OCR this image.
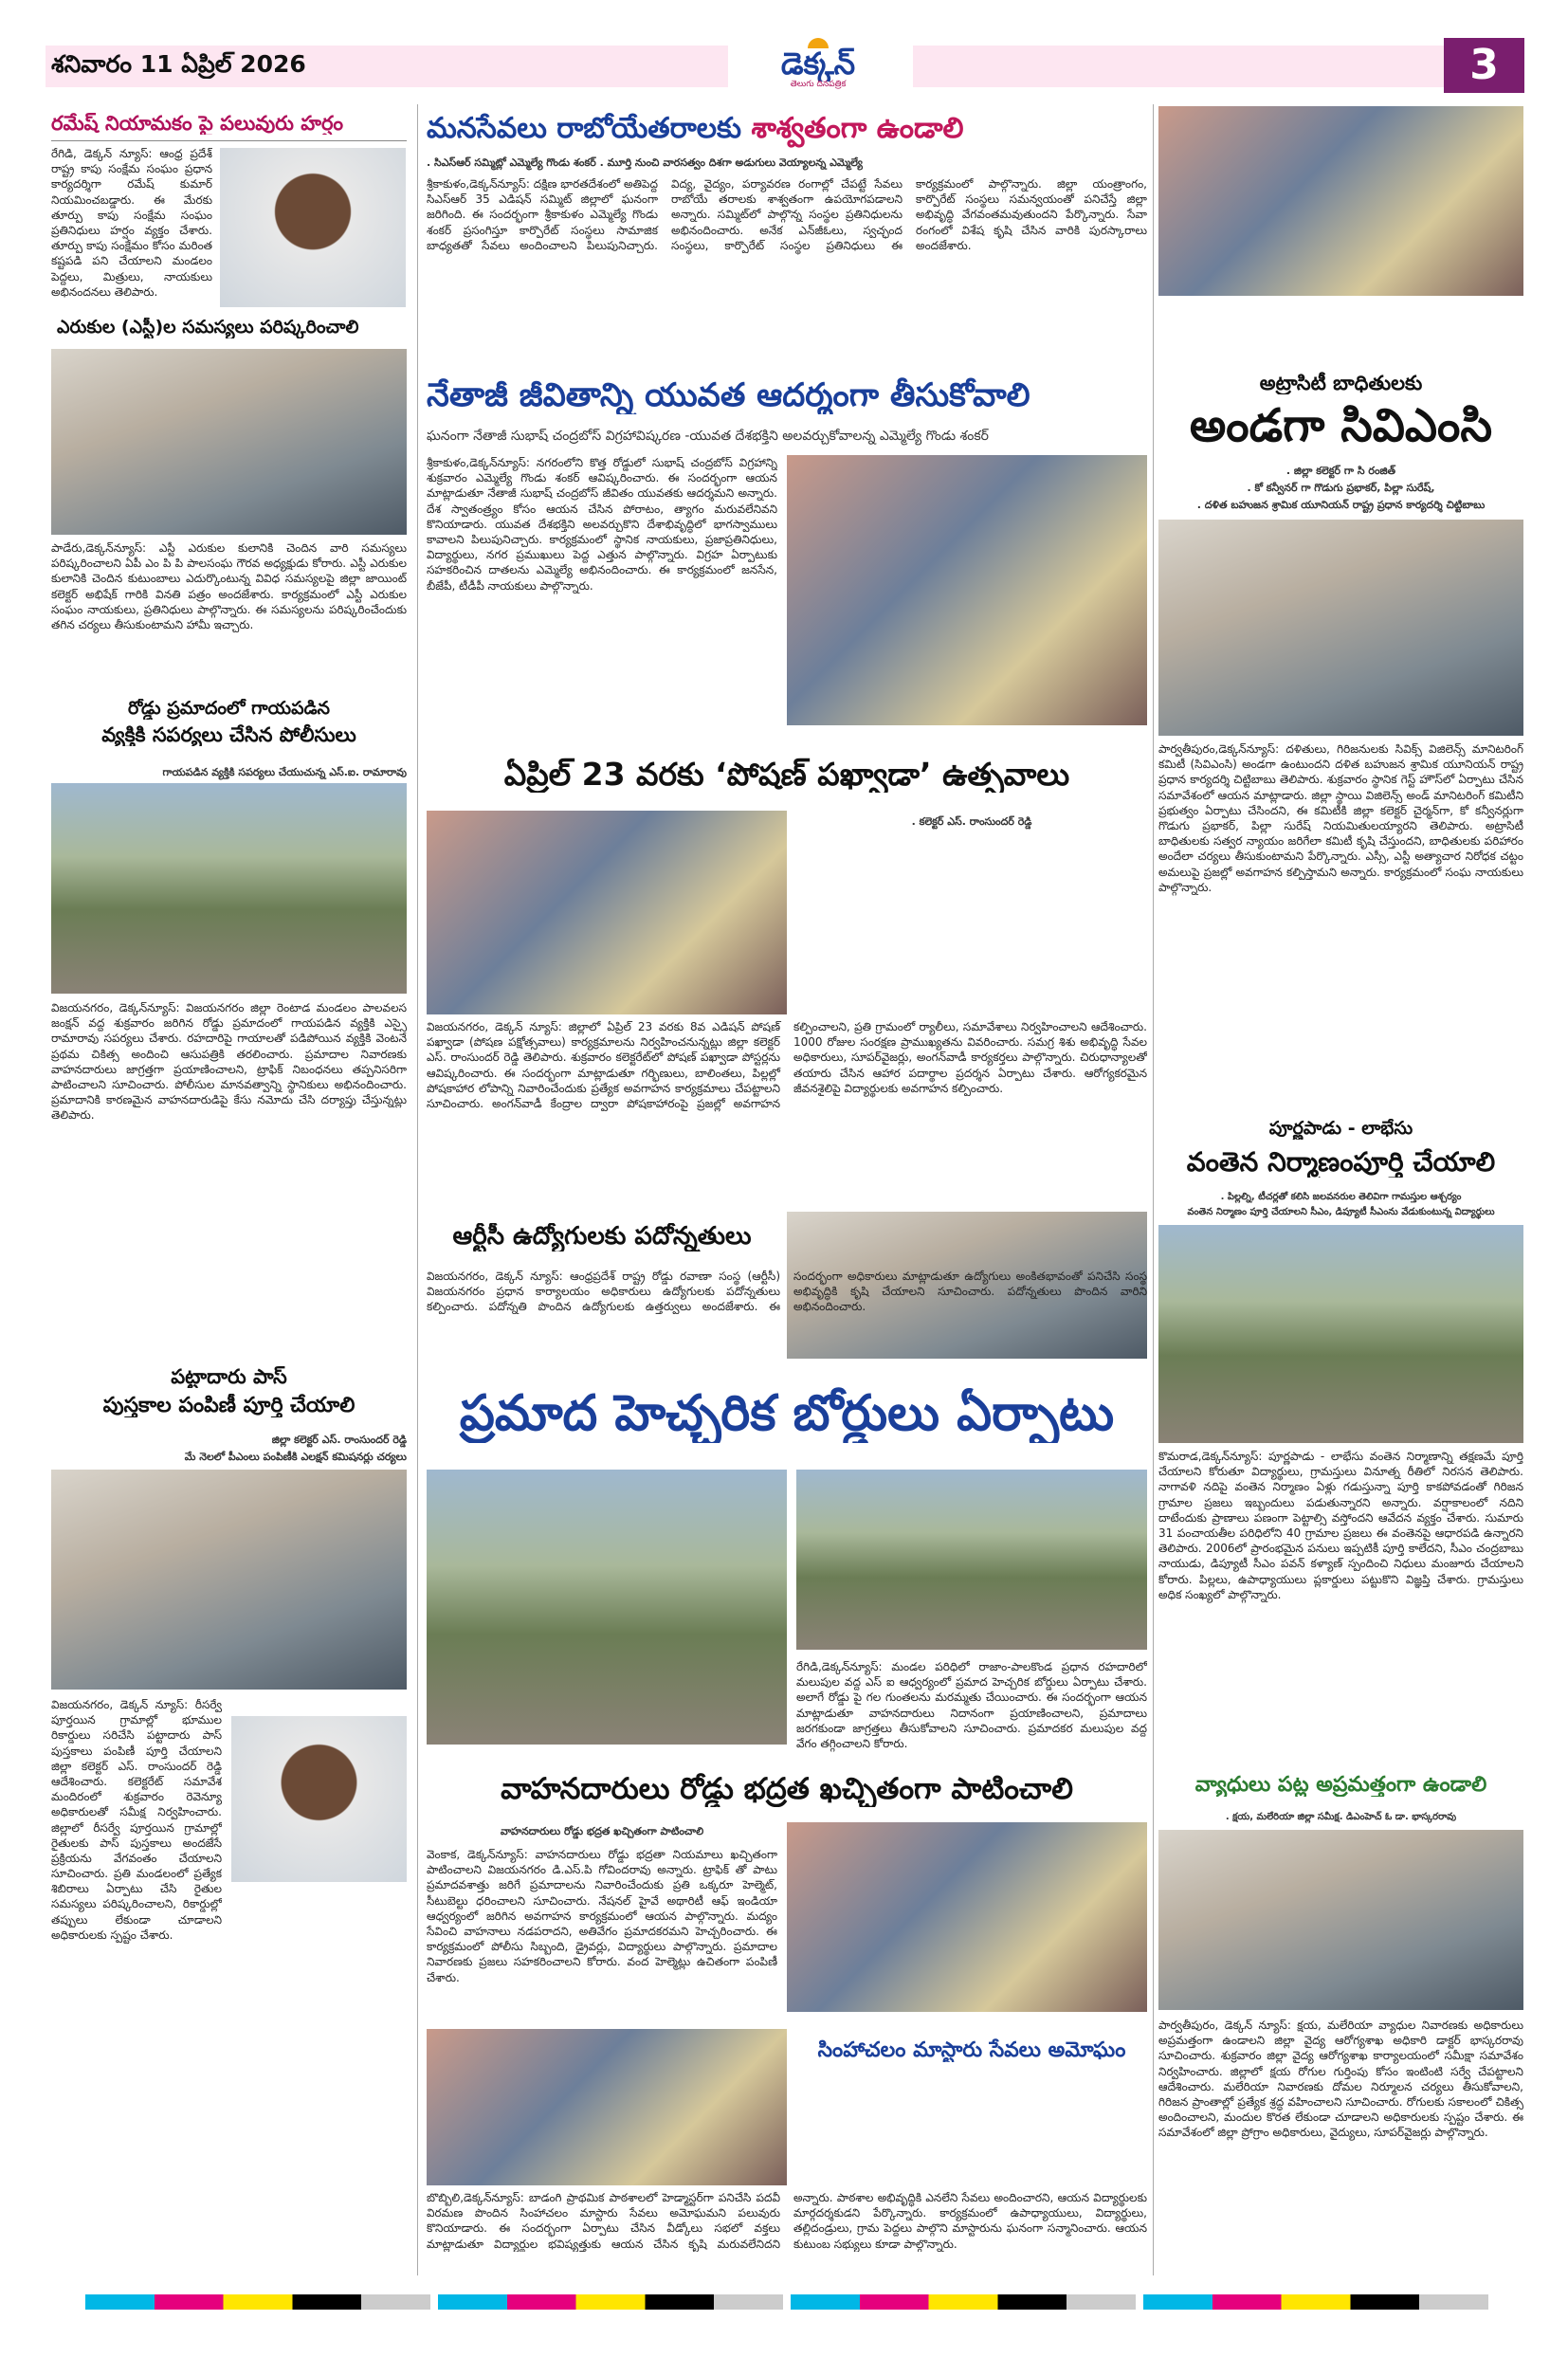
శనివారం 11 ఏప్రిల్ 2026	డెక్కన్
తెలుగు దినపత్రిక	3
రమేష్ నియామకం పై పలువురు హర్షం
రేగిడి, డెక్కన్ న్యూస్: ఆంధ్ర ప్రదేశ్ రాష్ట్ర కాపు సంక్షేమ సంఘం ప్రధాన కార్యదర్శిగా రమేష్ కుమార్ నియమించబడ్డారు. ఈ మేరకు తూర్పు కాపు సంక్షేమ సంఘం ప్రతినిధులు హర్షం వ్యక్తం చేశారు. తూర్పు కాపు సంక్షేమం కోసం మరింత కష్టపడి పని చేయాలని మండలం పెద్దలు, మిత్రులు, నాయకులు అభినందనలు తెలిపారు.
ఎరుకుల (ఎస్టీ)ల సమస్యలు పరిష్కరించాలి
పాడేరు,డెక్కన్‌న్యూస్: ఎస్టీ ఎరుకుల కులానికి చెందిన వారి సమస్యలు పరిష్కరించాలని ఏపీ ఎం పి పి పాలసంఘ గౌరవ అధ్యక్షుడు కోరారు. ఎస్టీ ఎరుకుల కులానికి చెందిన కుటుంబాలు ఎదుర్కొంటున్న వివిధ సమస్యలపై జిల్లా జాయింట్ కలెక్టర్ అభిషేక్ గారికి వినతి పత్రం అందజేశారు. కార్యక్రమంలో ఎస్టీ ఎరుకుల సంఘం నాయకులు, ప్రతినిధులు పాల్గొన్నారు. ఈ సమస్యలను పరిష్కరించేందుకు తగిన చర్యలు తీసుకుంటామని హామీ ఇచ్చారు.
రోడ్డు ప్రమాదంలో గాయపడిన
వ్యక్తికి సపర్యలు చేసిన పోలీసులు
గాయపడిన వ్యక్తికి సపర్యలు చేయుచున్న ఎస్.ఐ. రామారావు
విజయనగరం, డెక్కన్‌న్యూస్: విజయనగరం జిల్లా రెంటాడ మండలం పాలవలస జంక్షన్ వద్ద శుక్రవారం జరిగిన రోడ్డు ప్రమాదంలో గాయపడిన వ్యక్తికి ఎస్సై రామారావు సపర్యలు చేశారు. రహదారిపై గాయాలతో పడిపోయిన వ్యక్తికి వెంటనే ప్రథమ చికిత్స అందించి ఆసుపత్రికి తరలించారు. ప్రమాదాల నివారణకు వాహనదారులు జాగ్రత్తగా ప్రయాణించాలని, ట్రాఫిక్ నిబంధనలు తప్పనిసరిగా పాటించాలని సూచించారు. పోలీసుల మానవత్వాన్ని స్థానికులు అభినందించారు. ప్రమాదానికి కారణమైన వాహనదారుడిపై కేసు నమోదు చేసి దర్యాప్తు చేస్తున్నట్లు తెలిపారు.
పట్టాదారు పాస్
పుస్తకాల పంపిణీ పూర్తి చేయాలి
జిల్లా కలెక్టర్ ఎస్. రాంసుందర్ రెడ్డి
మే నెలలో పీఎంలు పంపిణీకి ఎలక్షన్ కమిషనర్లు చర్యలు
విజయనగరం, డెక్కన్ న్యూస్: రీసర్వే పూర్తయిన గ్రామాల్లో భూముల రికార్డులు సరిచేసి పట్టాదారు పాస్ పుస్తకాలు పంపిణీ పూర్తి చేయాలని జిల్లా కలెక్టర్ ఎస్. రాంసుందర్ రెడ్డి ఆదేశించారు. కలెక్టరేట్ సమావేశ మందిరంలో శుక్రవారం రెవెన్యూ అధికారులతో సమీక్ష నిర్వహించారు. జిల్లాలో రీసర్వే పూర్తయిన గ్రామాల్లో రైతులకు పాస్ పుస్తకాలు అందజేసే ప్రక్రియను వేగవంతం చేయాలని సూచించారు. ప్రతి మండలంలో ప్రత్యేక శిబిరాలు ఏర్పాటు చేసి రైతుల సమస్యలు పరిష్కరించాలని, రికార్డుల్లో తప్పులు లేకుండా చూడాలని అధికారులకు స్పష్టం చేశారు.
మనసేవలు రాబోయేతరాలకు శాశ్వతంగా ఉండాలి
. సిఎస్ఆర్ సమ్మిట్లో ఎమ్మెల్యే గొండు శంకర్ . మూర్తి నుంచి వారసత్వం దిశగా అడుగులు వెయ్యాలన్న ఎమ్మెల్యే
శ్రీకాకుళం,డెక్కన్‌న్యూస్: దక్షిణ భారతదేశంలో అతిపెద్ద సిఎస్ఆర్ 35 ఎడిషన్ సమ్మిట్ జిల్లాలో ఘనంగా జరిగింది. ఈ సందర్భంగా శ్రీకాకుళం ఎమ్మెల్యే గొండు శంకర్ ప్రసంగిస్తూ కార్పొరేట్ సంస్థలు సామాజిక బాధ్యతతో సేవలు అందించాలని పిలుపునిచ్చారు. విద్య, వైద్యం, పర్యావరణ రంగాల్లో చేపట్టే సేవలు రాబోయే తరాలకు శాశ్వతంగా ఉపయోగపడాలని అన్నారు. సమ్మిట్‌లో పాల్గొన్న సంస్థల ప్రతినిధులను అభినందించారు. అనేక ఎన్‌జీఓలు, స్వచ్ఛంద సంస్థలు, కార్పొరేట్ సంస్థల ప్రతినిధులు ఈ కార్యక్రమంలో పాల్గొన్నారు. జిల్లా యంత్రాంగం, కార్పొరేట్ సంస్థలు సమన్వయంతో పనిచేస్తే జిల్లా అభివృద్ధి వేగవంతమవుతుందని పేర్కొన్నారు. సేవా రంగంలో విశేష కృషి చేసిన వారికి పురస్కారాలు అందజేశారు.
నేతాజీ జీవితాన్ని యువత ఆదర్శంగా తీసుకోవాలి
ఘనంగా నేతాజీ సుభాష్ చంద్రబోస్ విగ్రహావిష్కరణ -యువత దేశభక్తిని అలవర్చుకోవాలన్న ఎమ్మెల్యే గొండు శంకర్
శ్రీకాకుళం,డెక్కన్‌న్యూస్: నగరంలోని కొత్త రోడ్డులో సుభాష్ చంద్రబోస్ విగ్రహాన్ని శుక్రవారం ఎమ్మెల్యే గొండు శంకర్ ఆవిష్కరించారు. ఈ సందర్భంగా ఆయన మాట్లాడుతూ నేతాజీ సుభాష్ చంద్రబోస్ జీవితం యువతకు ఆదర్శమని అన్నారు. దేశ స్వాతంత్ర్యం కోసం ఆయన చేసిన పోరాటం, త్యాగం మరువలేనివని కొనియాడారు. యువత దేశభక్తిని అలవర్చుకొని దేశాభివృద్ధిలో భాగస్వాములు కావాలని పిలుపునిచ్చారు. కార్యక్రమంలో స్థానిక నాయకులు, ప్రజాప్రతినిధులు, విద్యార్థులు, నగర ప్రముఖులు పెద్ద ఎత్తున పాల్గొన్నారు. విగ్రహ ఏర్పాటుకు సహకరించిన దాతలను ఎమ్మెల్యే అభినందించారు. ఈ కార్యక్రమంలో జనసేన, బీజేపీ, టీడీపీ నాయకులు పాల్గొన్నారు.
ఏప్రిల్ 23 వరకు ‘పోషణ్ పఖ్వాడా’ ఉత్సవాలు
. కలెక్టర్ ఎస్. రాంసుందర్ రెడ్డి
విజయనగరం, డెక్కన్ న్యూస్: జిల్లాలో ఏప్రిల్ 23 వరకు 8వ ఎడిషన్ పోషణ్ పఖ్వాడా (పోషణ పక్షోత్సవాలు) కార్యక్రమాలను నిర్వహించనున్నట్లు జిల్లా కలెక్టర్ ఎస్. రాంసుందర్ రెడ్డి తెలిపారు. శుక్రవారం కలెక్టరేట్‌లో పోషణ్ పఖ్వాడా పోస్టర్లను ఆవిష్కరించారు. ఈ సందర్భంగా మాట్లాడుతూ గర్భిణులు, బాలింతలు, పిల్లల్లో పోషకాహార లోపాన్ని నివారించేందుకు ప్రత్యేక అవగాహన కార్యక్రమాలు చేపట్టాలని సూచించారు. అంగన్‌వాడీ కేంద్రాల ద్వారా పోషకాహారంపై ప్రజల్లో అవగాహన కల్పించాలని, ప్రతి గ్రామంలో ర్యాలీలు, సమావేశాలు నిర్వహించాలని ఆదేశించారు. 1000 రోజుల సంరక్షణ ప్రాముఖ్యతను వివరించారు. సమగ్ర శిశు అభివృద్ధి సేవల అధికారులు, సూపర్‌వైజర్లు, అంగన్‌వాడీ కార్యకర్తలు పాల్గొన్నారు. చిరుధాన్యాలతో తయారు చేసిన ఆహార పదార్థాల ప్రదర్శన ఏర్పాటు చేశారు. ఆరోగ్యకరమైన జీవనశైలిపై విద్యార్థులకు అవగాహన కల్పించారు.
ఆర్టీసీ ఉద్యోగులకు పదోన్నతులు
విజయనగరం, డెక్కన్ న్యూస్: ఆంధ్రప్రదేశ్ రాష్ట్ర రోడ్డు రవాణా సంస్థ (ఆర్టీసీ) విజయనగరం ప్రధాన కార్యాలయం అధికారులు ఉద్యోగులకు పదోన్నతులు కల్పించారు. పదోన్నతి పొందిన ఉద్యోగులకు ఉత్తర్వులు అందజేశారు. ఈ సందర్భంగా అధికారులు మాట్లాడుతూ ఉద్యోగులు అంకితభావంతో పనిచేసి సంస్థ అభివృద్ధికి కృషి చేయాలని సూచించారు. పదోన్నతులు పొందిన వారిని అభినందించారు.
ప్రమాద హెచ్చరిక బోర్డులు ఏర్పాటు
రేగిడి,డెక్కన్‌న్యూస్: మండల పరిధిలో రాజాం-పాలకొండ ప్రధాన రహదారిలో మలుపుల వద్ద ఎస్ ఐ ఆధ్వర్యంలో ప్రమాద హెచ్చరిక బోర్డులు ఏర్పాటు చేశారు. అలాగే రోడ్డు పై గల గుంతలను మరమ్మతు చేయించారు. ఈ సందర్భంగా ఆయన మాట్లాడుతూ వాహనదారులు నిదానంగా ప్రయాణించాలని, ప్రమాదాలు జరగకుండా జాగ్రత్తలు తీసుకోవాలని సూచించారు. ప్రమాదకర మలుపుల వద్ద వేగం తగ్గించాలని కోరారు.
వాహనదారులు రోడ్డు భద్రత ఖచ్చితంగా పాటించాలి
వాహనదారులు రోడ్డు భద్రత ఖచ్చితంగా పాటించాలి
వెంకాక, డెక్కన్‌న్యూస్: వాహనదారులు రోడ్డు భద్రతా నియమాలు ఖచ్చితంగా పాటించాలని విజయనగరం డి.ఎస్.పి గోవిందరావు అన్నారు. ట్రాఫిక్ తో పాటు ప్రమాదవశాత్తు జరిగే ప్రమాదాలను నివారించేందుకు ప్రతి ఒక్కరూ హెల్మెట్, సీటుబెల్టు ధరించాలని సూచించారు. నేషనల్ హైవే అథారిటీ ఆఫ్ ఇండియా ఆధ్వర్యంలో జరిగిన అవగాహన కార్యక్రమంలో ఆయన పాల్గొన్నారు. మద్యం సేవించి వాహనాలు నడపరాదని, అతివేగం ప్రమాదకరమని హెచ్చరించారు. ఈ కార్యక్రమంలో పోలీసు సిబ్బంది, డ్రైవర్లు, విద్యార్థులు పాల్గొన్నారు. ప్రమాదాల నివారణకు ప్రజలు సహకరించాలని కోరారు. వంద హెల్మెట్లు ఉచితంగా పంపిణీ చేశారు.
సింహాచలం మాస్టారు సేవలు అమోఘం
బొబ్బిలి,డెక్కన్‌న్యూస్: బాడంగి ప్రాథమిక పాఠశాలలో హెడ్మాస్టర్‌గా పనిచేసి పదవీ విరమణ పొందిన సింహాచలం మాస్టారు సేవలు అమోఘమని పలువురు కొనియాడారు. ఈ సందర్భంగా ఏర్పాటు చేసిన వీడ్కోలు సభలో వక్తలు మాట్లాడుతూ విద్యార్థుల భవిష్యత్తుకు ఆయన చేసిన కృషి మరువలేనిదని అన్నారు. పాఠశాల అభివృద్ధికి ఎనలేని సేవలు అందించారని, ఆయన విద్యార్థులకు మార్గదర్శకుడని పేర్కొన్నారు. కార్యక్రమంలో ఉపాధ్యాయులు, విద్యార్థులు, తల్లిదండ్రులు, గ్రామ పెద్దలు పాల్గొని మాస్టారును ఘనంగా సన్మానించారు. ఆయన కుటుంబ సభ్యులు కూడా పాల్గొన్నారు.
అట్రాసిటీ బాధితులకు
అండగా సివిఎంసి
. జిల్లా కలెక్టర్ గా సి రంజిత్
. కో కన్వీనర్ గా గొడుగు ప్రభాకర్, పిల్లా సురేష్,
. దళిత బహుజన శ్రామిక యూనియన్ రాష్ట్ర ప్రధాన కార్యదర్శి చిట్టిబాబు
పార్వతీపురం,డెక్కన్‌న్యూస్: దళితులు, గిరిజనులకు సివిక్స్ విజిలెన్స్ మానిటరింగ్ కమిటీ (సివిఎంసి) అండగా ఉంటుందని దళిత బహుజన శ్రామిక యూనియన్ రాష్ట్ర ప్రధాన కార్యదర్శి చిట్టిబాబు తెలిపారు. శుక్రవారం స్థానిక గెస్ట్ హౌస్‌లో ఏర్పాటు చేసిన సమావేశంలో ఆయన మాట్లాడారు. జిల్లా స్థాయి విజిలెన్స్ అండ్ మానిటరింగ్ కమిటీని ప్రభుత్వం ఏర్పాటు చేసిందని, ఈ కమిటీకి జిల్లా కలెక్టర్ చైర్మన్‌గా, కో కన్వీనర్లుగా గొడుగు ప్రభాకర్, పిల్లా సురేష్ నియమితులయ్యారని తెలిపారు. అట్రాసిటీ బాధితులకు సత్వర న్యాయం జరిగేలా కమిటీ కృషి చేస్తుందని, బాధితులకు పరిహారం అందేలా చర్యలు తీసుకుంటామని పేర్కొన్నారు. ఎస్సీ, ఎస్టీ అత్యాచార నిరోధక చట్టం అమలుపై ప్రజల్లో అవగాహన కల్పిస్తామని అన్నారు. కార్యక్రమంలో సంఘ నాయకులు పాల్గొన్నారు.
పూర్ణపాడు - లాభేసు
వంతెన నిర్మాణంపూర్తి చేయాలి
. పిల్లల్ని, టీచర్లతో కలిసి జలవనరుల తెలివిగా గామస్తుల ఆశ్చర్యం
వంతెన నిర్మాణం పూర్తి చేయాలని సీఎం, డిప్యూటీ సీఎంను వేడుకుంటున్న విద్యార్థులు
కొమరాడ,డెక్కన్‌న్యూస్: పూర్ణపాడు - లాభేసు వంతెన నిర్మాణాన్ని తక్షణమే పూర్తి చేయాలని కోరుతూ విద్యార్థులు, గ్రామస్తులు వినూత్న రీతిలో నిరసన తెలిపారు. నాగావళి నదిపై వంతెన నిర్మాణం ఏళ్లు గడుస్తున్నా పూర్తి కాకపోవడంతో గిరిజన గ్రామాల ప్రజలు ఇబ్బందులు పడుతున్నారని అన్నారు. వర్షాకాలంలో నదిని దాటేందుకు ప్రాణాలు పణంగా పెట్టాల్సి వస్తోందని ఆవేదన వ్యక్తం చేశారు. సుమారు 31 పంచాయతీల పరిధిలోని 40 గ్రామాల ప్రజలు ఈ వంతెనపై ఆధారపడి ఉన్నారని తెలిపారు. 2006లో ప్రారంభమైన పనులు ఇప్పటికీ పూర్తి కాలేదని, సీఎం చంద్రబాబు నాయుడు, డిప్యూటీ సీఎం పవన్ కళ్యాణ్ స్పందించి నిధులు మంజూరు చేయాలని కోరారు. పిల్లలు, ఉపాధ్యాయులు ప్లకార్డులు పట్టుకొని విజ్ఞప్తి చేశారు. గ్రామస్తులు అధిక సంఖ్యలో పాల్గొన్నారు.
వ్యాధులు పట్ల అప్రమత్తంగా ఉండాలి
. క్షయ, మలేరియా జిల్లా సమీక్ష. డిఎంహెచ్ ఓ డా. భాస్కరరావు
పార్వతీపురం, డెక్కన్ న్యూస్: క్షయ, మలేరియా వ్యాధుల నివారణకు అధికారులు అప్రమత్తంగా ఉండాలని జిల్లా వైద్య ఆరోగ్యశాఖ అధికారి డాక్టర్ భాస్కరరావు సూచించారు. శుక్రవారం జిల్లా వైద్య ఆరోగ్యశాఖ కార్యాలయంలో సమీక్షా సమావేశం నిర్వహించారు. జిల్లాలో క్షయ రోగుల గుర్తింపు కోసం ఇంటింటి సర్వే చేపట్టాలని ఆదేశించారు. మలేరియా నివారణకు దోమల నిర్మూలన చర్యలు తీసుకోవాలని, గిరిజన ప్రాంతాల్లో ప్రత్యేక శ్రద్ధ వహించాలని సూచించారు. రోగులకు సకాలంలో చికిత్స అందించాలని, మందుల కొరత లేకుండా చూడాలని అధికారులకు స్పష్టం చేశారు. ఈ సమావేశంలో జిల్లా ప్రోగ్రాం అధికారులు, వైద్యులు, సూపర్‌వైజర్లు పాల్గొన్నారు.
